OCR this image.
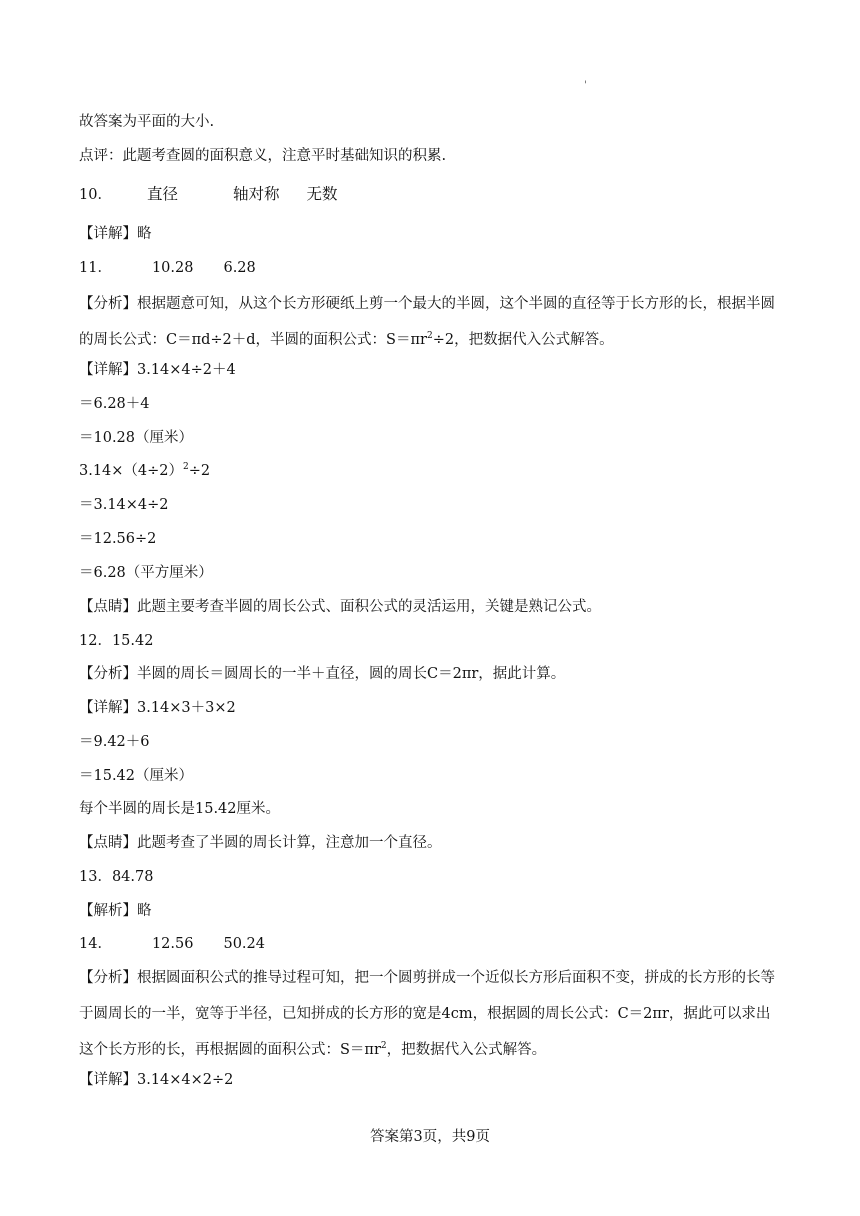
'
故答案为平面的大小.
点评：此题考查圆的面积意义，注意平时基础知识的积累.
10． 直径	轴对称 无数
【详解】略
11．	10.28 6.28
【分析】根据题意可知，从这个长方形硬纸上剪一个最大的半圆，这个半圆的直径等于长方形的长，根据半圆的周长公式：C＝πd÷2＋d，半圆的面积公式：$S=\pi r^2\div 2$，把数据代入公式解答。
【详解】3.14×4÷2＋4
＝6.28＋4
＝10.28（厘米）
$3.14\times(4\div 2)^2\div 2$
＝3.14×4÷2
＝12.56÷2
＝6.28（平方厘米）
【点睛】此题主要考查半圆的周长公式、面积公式的灵活运用，关键是熟记公式。
12．15.42
【分析】半圆的周长＝圆周长的一半＋直径，圆的周长C＝2πr，据此计算。
【详解】3.14×3＋3×2
＝9.42＋6
＝15.42（厘米）
每个半圆的周长是15.42厘米。
【点睛】此题考查了半圆的周长计算，注意加一个直径。
13．84.78
【解析】略
14．	12.56 50.24
【分析】根据圆面积公式的推导过程可知，把一个圆剪拼成一个近似长方形后面积不变，拼成的长方形的长等于圆周长的一半，宽等于半径，已知拼成的长方形的宽是4cm，根据圆的周长公式：C＝2πr，据此可以求出这个长方形的长，再根据圆的面积公式：$S=\pi r^2$，把数据代入公式解答。
【详解】3.14×4×2÷2
答案第3页，共9页
